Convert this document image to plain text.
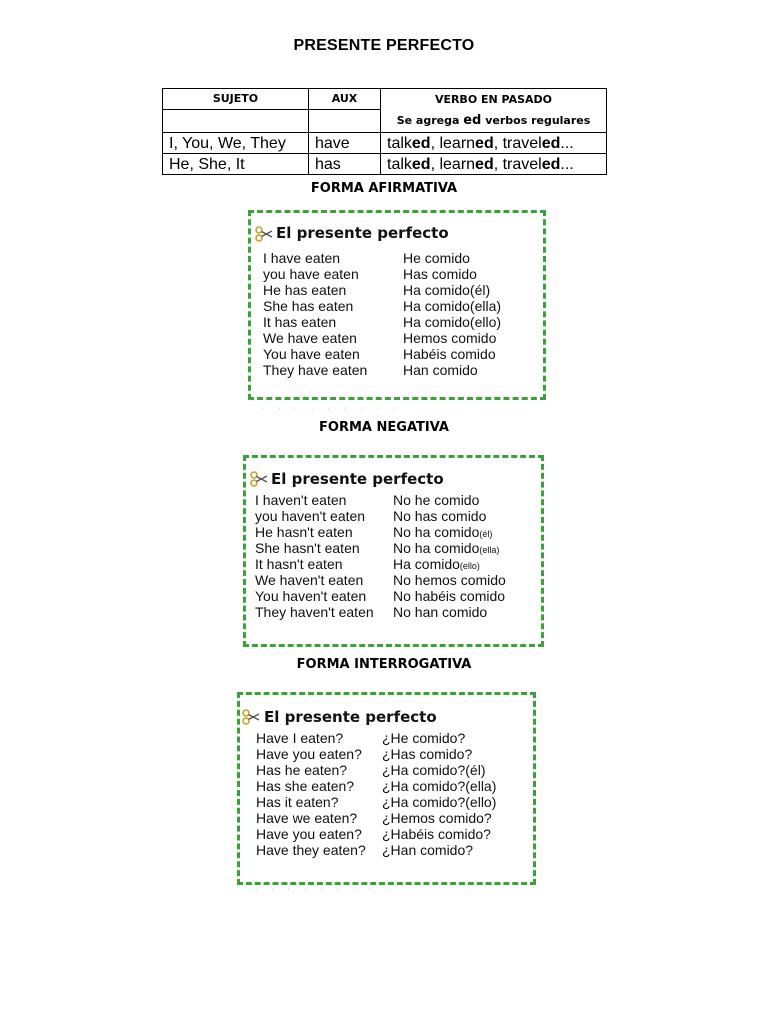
PRESENTE PERFECTO
SUJETO	AUX	VERBO EN PASADO
Se agrega ed verbos regulares

I, You, We, They	have	talked, learned, traveled...
He, She, It	has	talked, learned, traveled...
FORMA AFIRMATIVA
FORMA NEGATIVA
FORMA INTERROGATIVA
El presente perfecto
I have eaten	He comido
you have eaten	Has comido
He has eaten	Ha comido(él)
She has eaten	Ha comido(ella)
It has eaten	Ha comido(ello)
We have eaten	Hemos comido
You have eaten	Habéis comido
They have eaten	Han comido
·········
El presente perfecto
I haven't eaten	No he comido
you haven't eaten No has comido
He hasn't eaten	No ha comido(él)
She hasn't eaten No ha comido(ella)
It hasn't eaten	Ha comido(ello)
We haven't eaten No hemos comido
You haven't eaten No habéis comido
They haven't eaten No han comido
El presente perfecto
Have I eaten?	¿He comido?
Have you eaten? ¿Has comido?
Has he eaten? ¿Ha comido?(él)
Has she eaten? ¿Ha comido?(ella)
Has it eaten?	¿Ha comido?(ello)
Have we eaten? ¿Hemos comido?
Have you eaten? ¿Habéis comido?
Have they eaten? ¿Han comido?
·········
